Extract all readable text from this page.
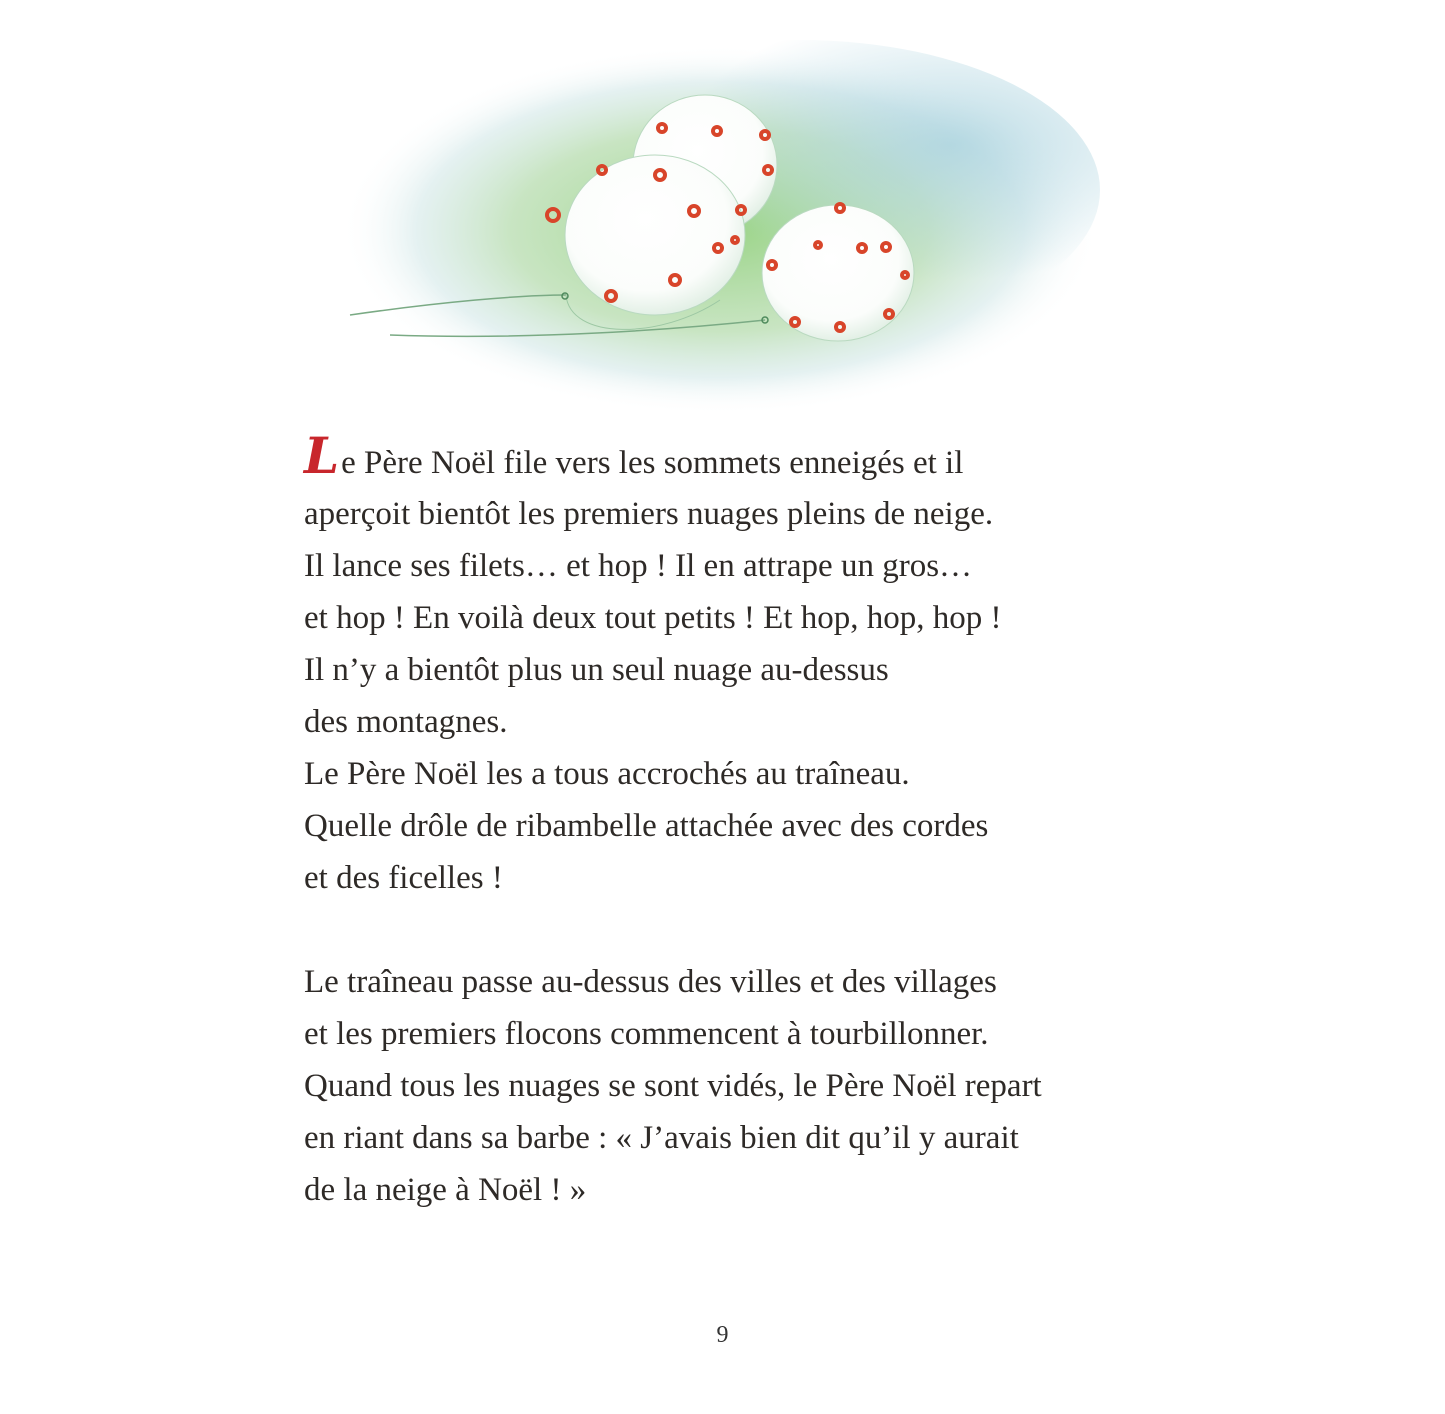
Le Père Noël file vers les sommets enneigés et il
aperçoit bientôt les premiers nuages pleins de neige.
Il lance ses filets… et hop ! Il en attrape un gros…
et hop ! En voilà deux tout petits ! Et hop, hop, hop !
Il n’y a bientôt plus un seul nuage au-dessus
des montagnes.
Le Père Noël les a tous accrochés au traîneau.
Quelle drôle de ribambelle attachée avec des cordes
et des ficelles !
Le traîneau passe au-dessus des villes et des villages
et les premiers flocons commencent à tourbillonner.
Quand tous les nuages se sont vidés, le Père Noël repart
en riant dans sa barbe : « J’avais bien dit qu’il y aurait
de la neige à Noël ! »
9
